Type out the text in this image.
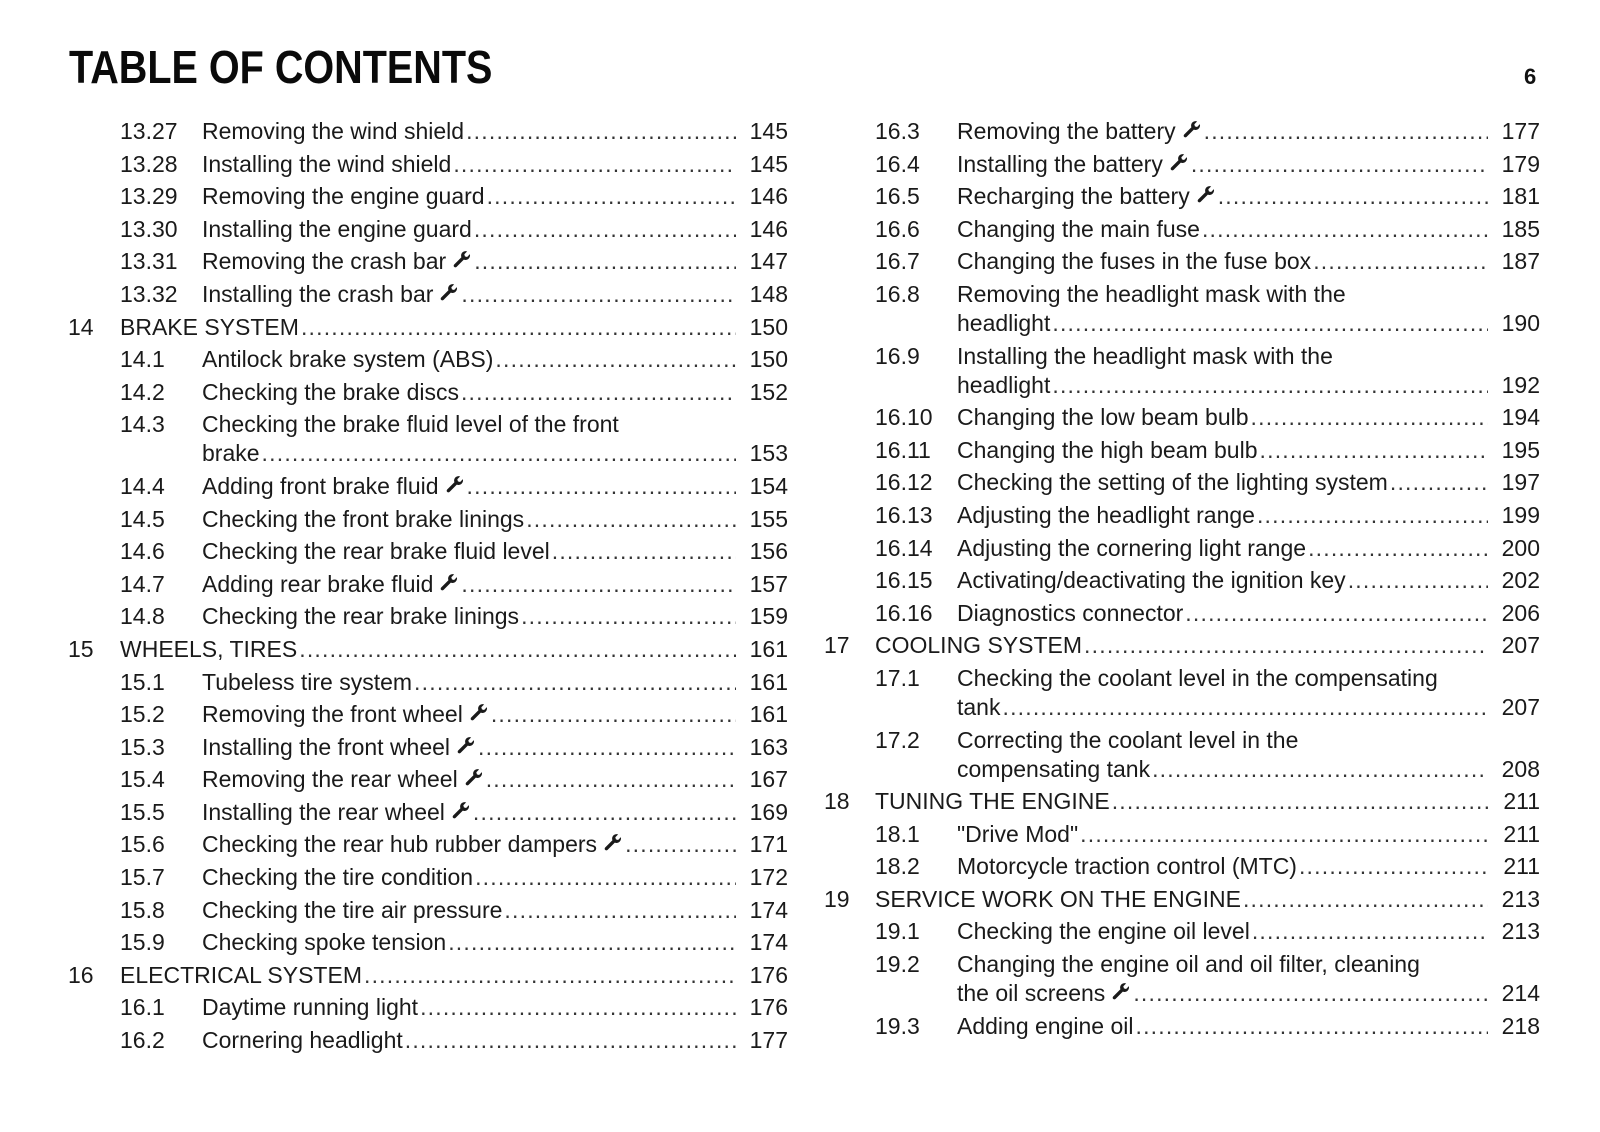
TABLE OF CONTENTS	6
13.27 Removing the wind shield .....	145
13.28 Installing the wind shield .....	145
13.29 Removing the engine guard .....	146
13.30 Installing the engine guard .....	146
13.31 Removing the crash bar .....	147
13.32 Installing the crash bar .....	148
14 BRAKE SYSTEM .....	150
14.1 Antilock brake system (ABS) .....	150
14.2 Checking the brake discs .....	152
14.3 Checking the brake fluid level of the front
brake .....	153
14.4 Adding front brake fluid .....	154
14.5 Checking the front brake linings .....	155
14.6 Checking the rear brake fluid level .....	156
14.7 Adding rear brake fluid .....	157
14.8 Checking the rear brake linings .....	159
15 WHEELS, TIRES .....	161
15.1 Tubeless tire system .....	161
15.2 Removing the front wheel .....	161
15.3 Installing the front wheel .....	163
15.4 Removing the rear wheel .....	167
15.5 Installing the rear wheel .....	169
15.6 Checking the rear hub rubber dampers .....	171
15.7 Checking the tire condition .....	172
15.8 Checking the tire air pressure .....	174
15.9 Checking spoke tension .....	174
16 ELECTRICAL SYSTEM .....	176
16.1 Daytime running light .....	176
16.2 Cornering headlight .....	177
16.3 Removing the battery .....	177
16.4 Installing the battery .....	179
16.5 Recharging the battery .....	181
16.6 Changing the main fuse .....	185
16.7 Changing the fuses in the fuse box .....	187
16.8 Removing the headlight mask with the
headlight .....	190
16.9 Installing the headlight mask with the
headlight .....	192
16.10 Changing the low beam bulb .....	194
16.11 Changing the high beam bulb .....	195
16.12 Checking the setting of the lighting system .....	197
16.13 Adjusting the headlight range .....	199
16.14 Adjusting the cornering light range .....	200
16.15 Activating/deactivating the ignition key .....	202
16.16 Diagnostics connector .....	206
17 COOLING SYSTEM .....	207
17.1 Checking the coolant level in the compensating
tank .....	207
17.2 Correcting the coolant level in the
compensating tank .....	208
18 TUNING THE ENGINE .....	211
18.1 "Drive Mod" .....	211
18.2 Motorcycle traction control (MTC) .....	211
19 SERVICE WORK ON THE ENGINE .....	213
19.1 Checking the engine oil level .....	213
19.2 Changing the engine oil and oil filter, cleaning
the oil screens .....	214
19.3 Adding engine oil .....	218
